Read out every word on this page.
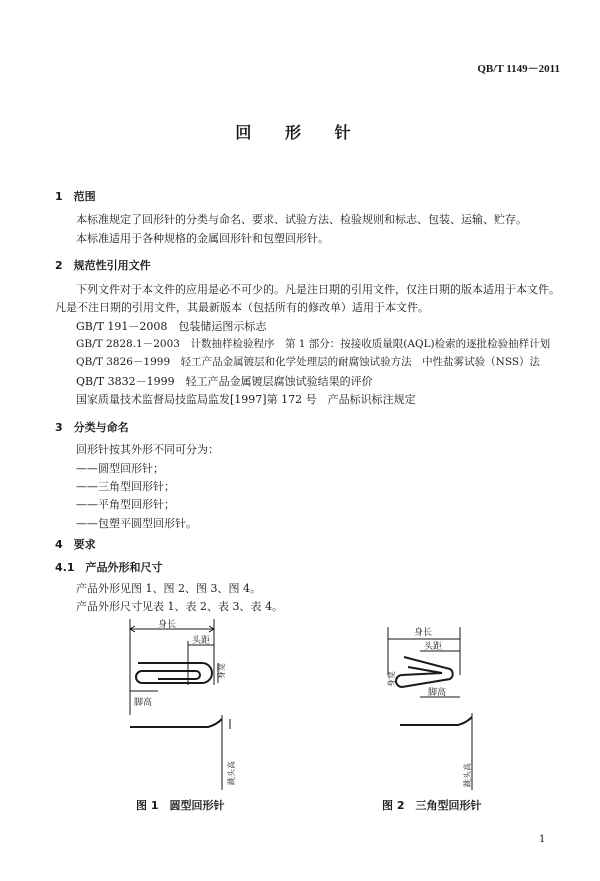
QB/T 1149－2011
回 形 针
1　范围
本标准规定了回形针的分类与命名、要求、试验方法、检验规则和标志、包装、运输、贮存。
本标准适用于各种规格的金属回形针和包塑回形针。
2　规范性引用文件
下列文件对于本文件的应用是必不可少的。凡是注日期的引用文件，仅注日期的版本适用于本文件。
凡是不注日期的引用文件，其最新版本（包括所有的修改单）适用于本文件。
GB/T 191－2008　包装储运图示标志
GB/T 2828.1－2003　计数抽样检验程序　第 1 部分：按接收质量限(AQL)检索的逐批检验抽样计划
QB/T 3826－1999　轻工产品金属镀层和化学处理层的耐腐蚀试验方法　中性盐雾试验（NSS）法
QB/T 3832－1999　轻工产品金属镀层腐蚀试验结果的评价
国家质量技术监督局技监局监发[1997]第 172 号　产品标识标注规定
3　分类与命名
回形针按其外形不同可分为：
——圆型回形针；
——三角型回形针；
——平角型回形针；
——包塑平圆型回形针。
4　要求
4.1　产品外形和尺寸
产品外形见图 1、图 2、图 3、图 4。
产品外形尺寸见表 1、表 2、表 3、表 4。
身长
头距
身宽
脚高
跳头高
身长
头距
身宽
脚高
跳头高
图 1　圆型回形针	图 2　三角型回形针
1
